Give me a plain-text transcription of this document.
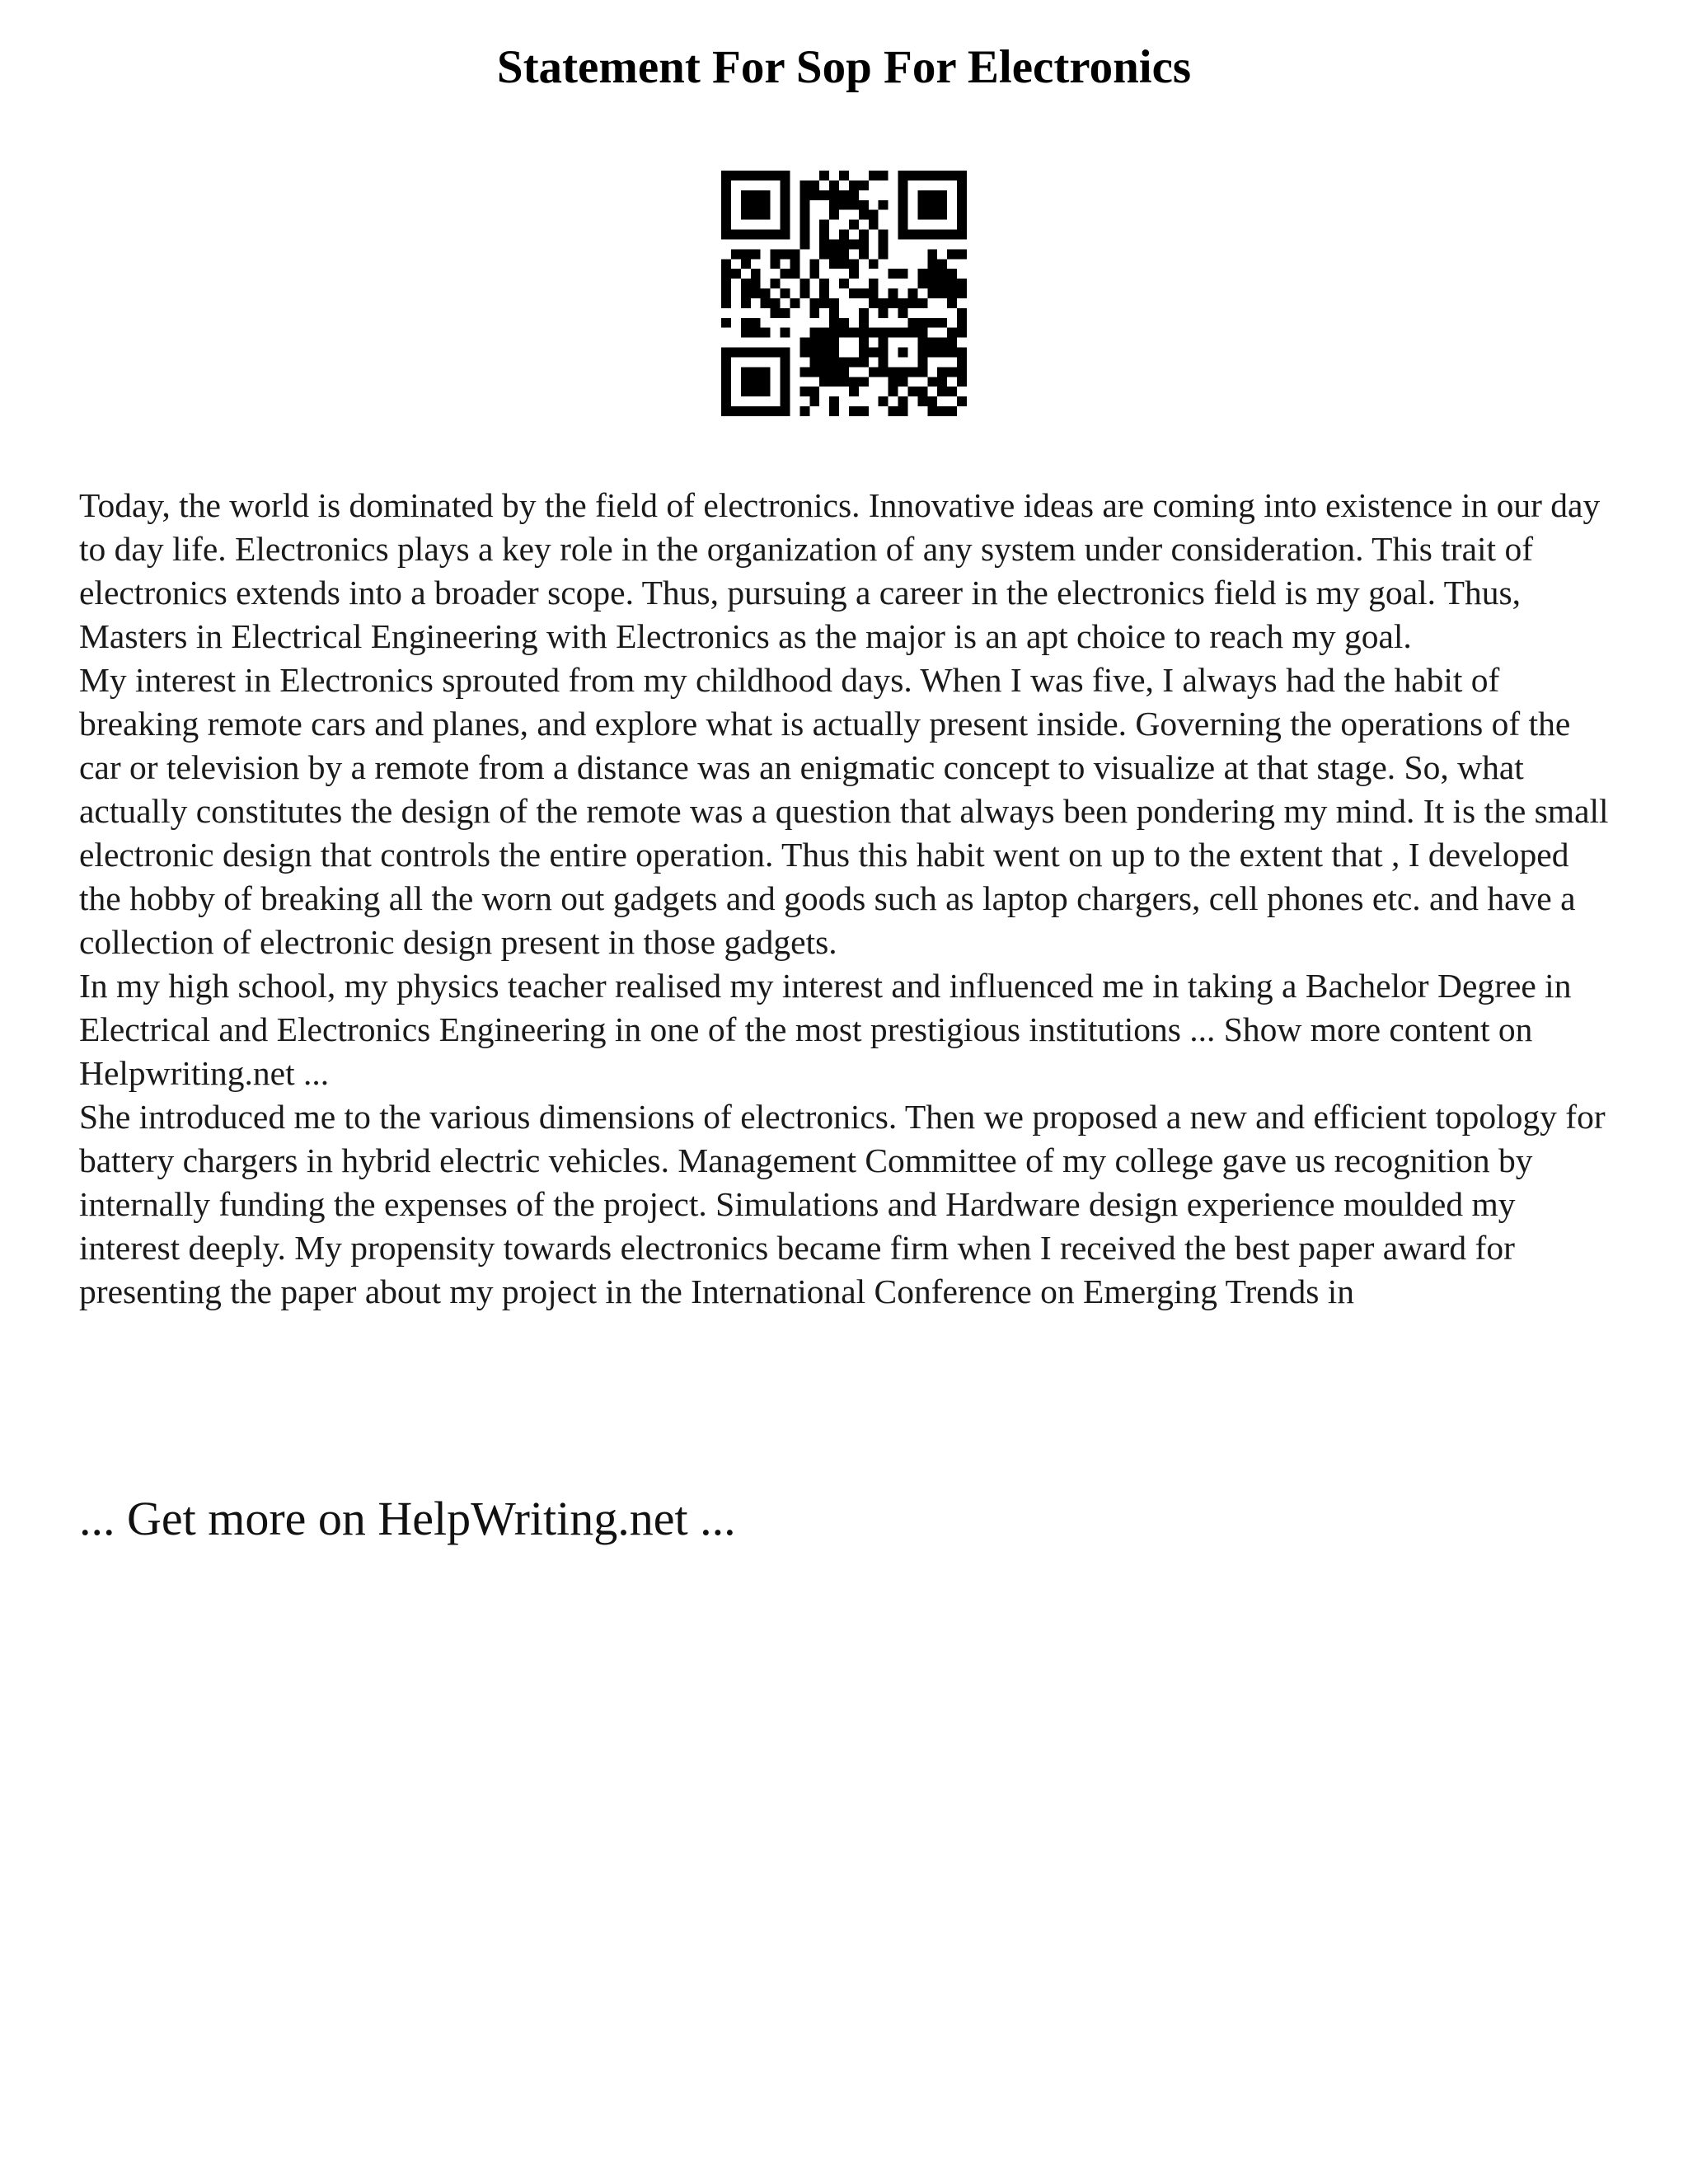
Statement For Sop For Electronics

Today, the world is dominated by the field of electronics. Innovative ideas are coming into existence in our day to day life. Electronics plays a key role in the organization of any system under consideration. This trait of electronics extends into a broader scope. Thus, pursuing a career in the electronics field is my goal. Thus, Masters in Electrical Engineering with Electronics as the major is an apt choice to reach my goal.

My interest in Electronics sprouted from my childhood days. When I was five, I always had the habit of breaking remote cars and planes, and explore what is actually present inside. Governing the operations of the car or television by a remote from a distance was an enigmatic concept to visualize at that stage. So, what actually constitutes the design of the remote was a question that always been pondering my mind. It is the small electronic design that controls the entire operation. Thus this habit went on up to the extent that , I developed the hobby of breaking all the worn out gadgets and goods such as laptop chargers, cell phones etc. and have a collection of electronic design present in those gadgets.

In my high school, my physics teacher realised my interest and influenced me in taking a Bachelor Degree in Electrical and Electronics Engineering in one of the most prestigious institutions ... Show more content on Helpwriting.net ...

She introduced me to the various dimensions of electronics. Then we proposed a new and efficient topology for battery chargers in hybrid electric vehicles. Management Committee of my college gave us recognition by internally funding the expenses of the project. Simulations and Hardware design experience moulded my interest deeply. My propensity towards electronics became firm when I received the best paper award for presenting the paper about my project in the International Conference on Emerging Trends in

... Get more on HelpWriting.net ...
